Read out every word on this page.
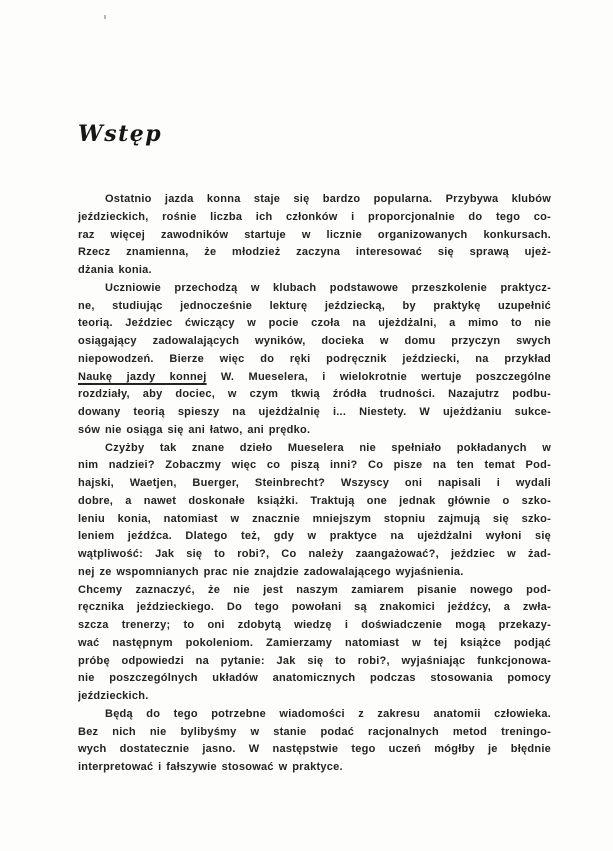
Wstęp
Ostatnio jazda konna staje się bardzo popularna. Przybywa klubów
jeździeckich, rośnie liczba ich członków i proporcjonalnie do tego co-
raz więcej zawodników startuje w licznie organizowanych konkursach.
Rzecz znamienna, że młodzież zaczyna interesować się sprawą ujeż-
dżania konia.
Uczniowie przechodzą w klubach podstawowe przeszkolenie praktycz-
ne, studiując jednocześnie lekturę jeździecką, by praktykę uzupełnić
teorią. Jeździec ćwiczący w pocie czoła na ujeżdżalni, a mimo to nie
osiągający zadowalających wyników, docieka w domu przyczyn swych
niepowodzeń. Bierze więc do ręki podręcznik jeździecki, na przykład
Naukę jazdy konnej W. Mueselera, i wielokrotnie wertuje poszczególne
rozdziały, aby dociec, w czym tkwią źródła trudności. Nazajutrz podbu-
dowany teorią spieszy na ujeżdżalnię i... Niestety. W ujeżdżaniu sukce-
sów nie osiąga się ani łatwo, ani prędko.
Czyżby tak znane dzieło Mueselera nie spełniało pokładanych w
nim nadziei? Zobaczmy więc co piszą inni? Co pisze na ten temat Pod-
hajski, Waetjen, Buerger, Steinbrecht? Wszyscy oni napisali i wydali
dobre, a nawet doskonałe książki. Traktują one jednak głównie o szko-
leniu konia, natomiast w znacznie mniejszym stopniu zajmują się szko-
leniem jeźdźca. Dlatego też, gdy w praktyce na ujeżdżalni wyłoni się
wątpliwość: Jak się to robi?, Co należy zaangażować?, jeździec w żad-
nej ze wspomnianych prac nie znajdzie zadowalającego wyjaśnienia.
Chcemy zaznaczyć, że nie jest naszym zamiarem pisanie nowego pod-
ręcznika jeździeckiego. Do tego powołani są znakomici jeźdźcy, a zwła-
szcza trenerzy; to oni zdobytą wiedzę i doświadczenie mogą przekazy-
wać następnym pokoleniom. Zamierzamy natomiast w tej książce podjąć
próbę odpowiedzi na pytanie: Jak się to robi?, wyjaśniając funkcjonowa-
nie poszczególnych układów anatomicznych podczas stosowania pomocy
jeździeckich.
Będą do tego potrzebne wiadomości z zakresu anatomii człowieka.
Bez nich nie bylibyśmy w stanie podać racjonalnych metod treningo-
wych dostatecznie jasno. W następstwie tego uczeń mógłby je błędnie
interpretować i fałszywie stosować w praktyce.
